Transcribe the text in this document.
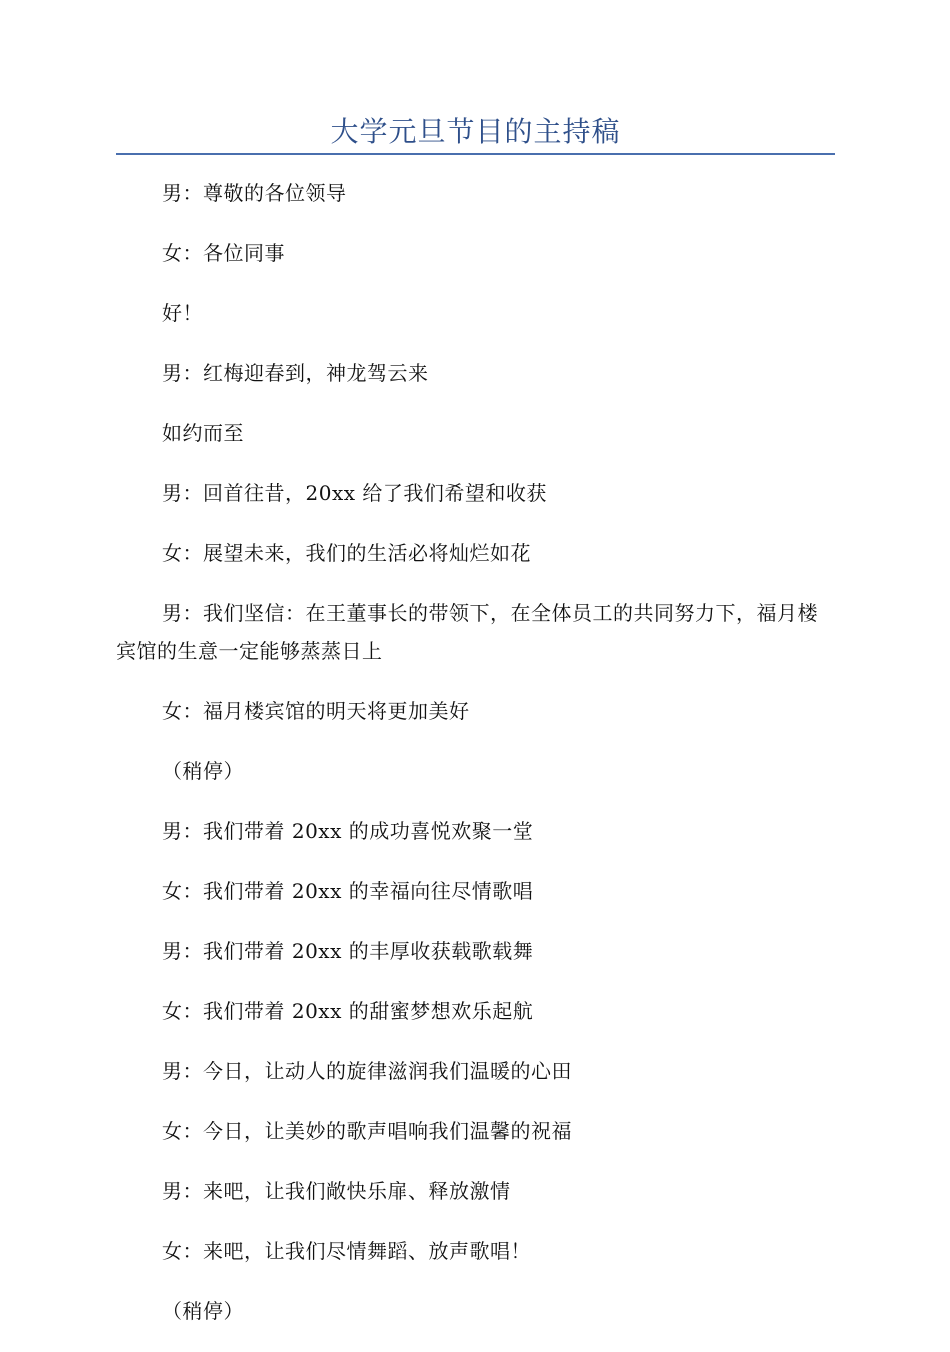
大学元旦节目的主持稿

男：尊敬的各位领导

女：各位同事

好！

男：红梅迎春到，神龙驾云来

如约而至

男：回首往昔，20xx 给了我们希望和收获

女：展望未来，我们的生活必将灿烂如花

男：我们坚信：在王董事长的带领下，在全体员工的共同努力下，福月楼宾馆的生意一定能够蒸蒸日上

女：福月楼宾馆的明天将更加美好

（稍停）

男：我们带着 20xx 的成功喜悦欢聚一堂

女：我们带着 20xx 的幸福向往尽情歌唱

男：我们带着 20xx 的丰厚收获载歌载舞

女：我们带着 20xx 的甜蜜梦想欢乐起航

男：今日，让动人的旋律滋润我们温暖的心田

女：今日，让美妙的歌声唱响我们温馨的祝福

男：来吧，让我们敞快乐扉、释放激情

女：来吧，让我们尽情舞蹈、放声歌唱！

（稍停）
